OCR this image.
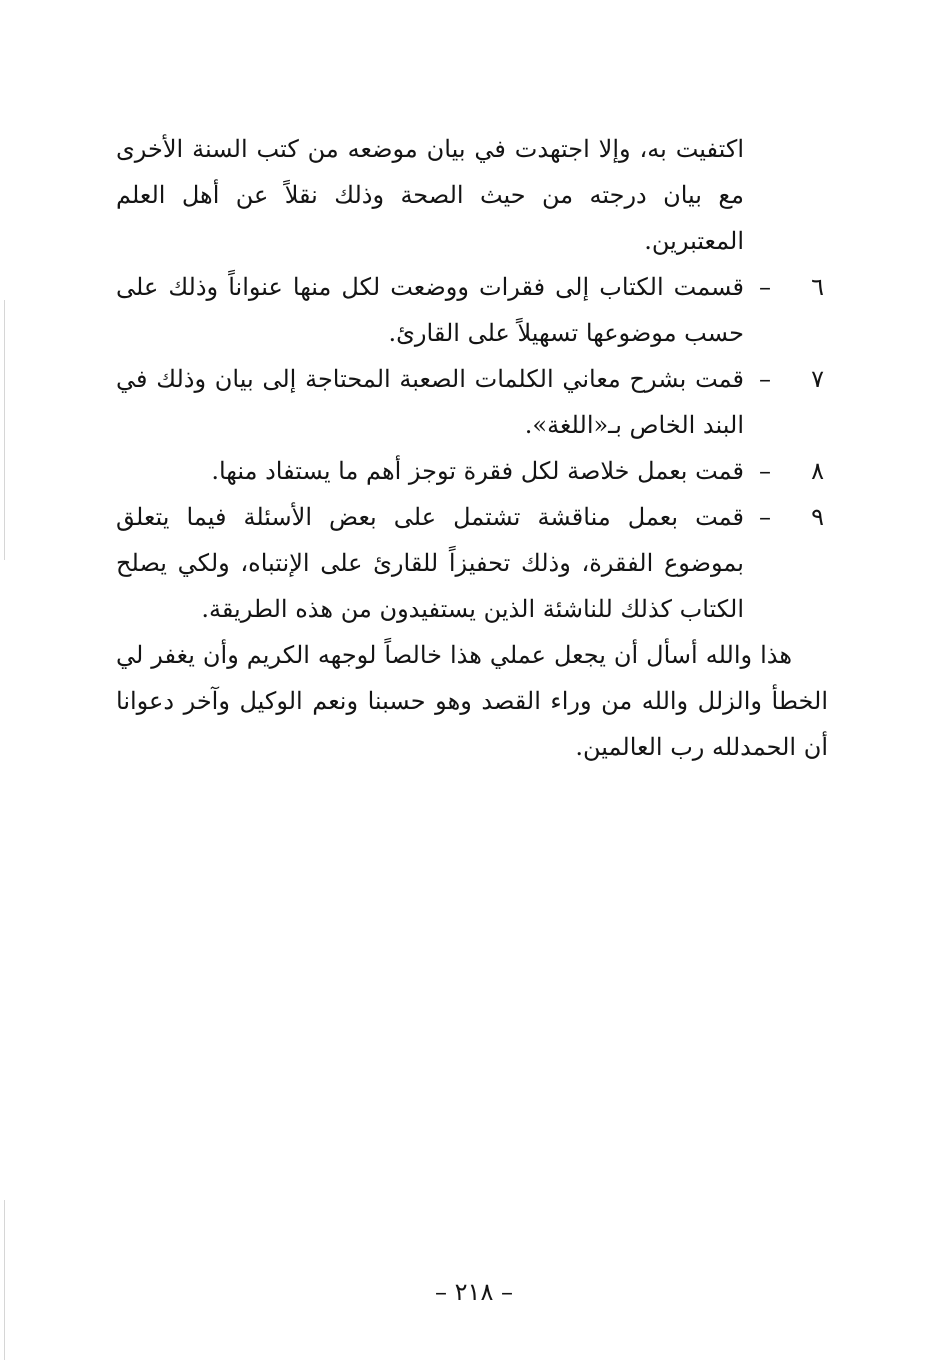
اكتفيت به، وإلا اجتهدت في بيان موضعه من كتب السنة الأخرى مع بيان درجته من حيث الصحة وذلك نقلاً عن أهل العلم المعتبرين.

٦
–
قسمت الكتاب إلى فقرات ووضعت لكل منها عنواناً وذلك على حسب موضوعها تسهيلاً على القارئ.
٧
–
قمت بشرح معاني الكلمات الصعبة المحتاجة إلى بيان وذلك في البند الخاص بـ«اللغة».
٨
–
قمت بعمل خلاصة لكل فقرة توجز أهم ما يستفاد منها.
٩
–
قمت بعمل مناقشة تشتمل على بعض الأسئلة فيما يتعلق بموضوع الفقرة، وذلك تحفيزاً للقارئ على الإنتباه، ولكي يصلح الكتاب كذلك للناشئة الذين يستفيدون من هذه الطريقة.

هذا والله أسأل أن يجعل عملي هذا خالصاً لوجهه الكريم وأن يغفر لي الخطأ والزلل والله من وراء القصد وهو حسبنا ونعم الوكيل وآخر دعوانا أن الحمدلله رب العالمين.

– ٢١٨ –
